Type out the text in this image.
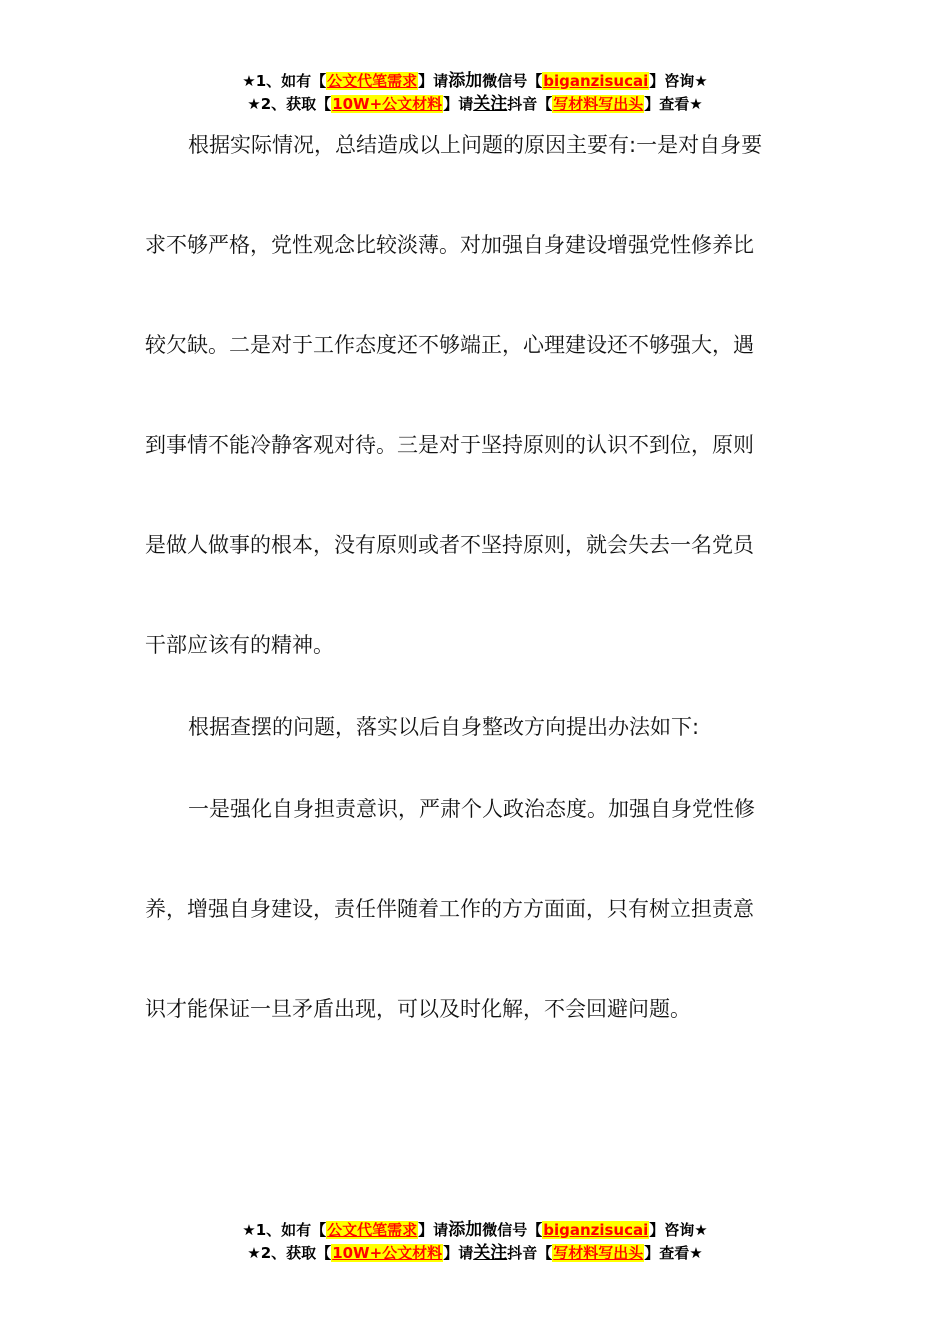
★1、如有【公文代笔需求】请添加微信号【biganzisucai】咨询★
★2、获取【10W+公文材料】请关注抖音【写材料写出头】查看★
根据实际情况，总结造成以上问题的原因主要有:一是对自身要
求不够严格，党性观念比较淡薄。对加强自身建设增强党性修养比
较欠缺。二是对于工作态度还不够端正，心理建设还不够强大，遇
到事情不能冷静客观对待。三是对于坚持原则的认识不到位，原则
是做人做事的根本，没有原则或者不坚持原则，就会失去一名党员
干部应该有的精神。
根据查摆的问题，落实以后自身整改方向提出办法如下:
一是强化自身担责意识，严肃个人政治态度。加强自身党性修
养，增强自身建设，责任伴随着工作的方方面面，只有树立担责意
识才能保证一旦矛盾出现，可以及时化解，不会回避问题。
★1、如有【公文代笔需求】请添加微信号【biganzisucai】咨询★
★2、获取【10W+公文材料】请关注抖音【写材料写出头】查看★
